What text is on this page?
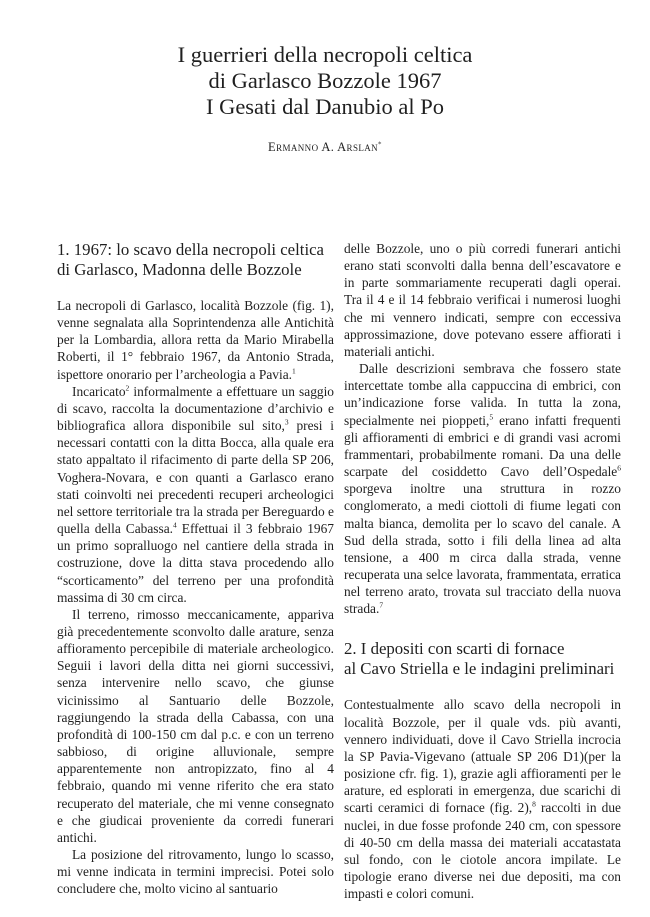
I guerrieri della necropoli celtica
di Garlasco Bozzole 1967
I Gesati dal Danubio al Po
Ermanno A. Arslan*
1. 1967: lo scavo della necropoli celtica
di Garlasco, Madonna delle Bozzole

La necropoli di Garlasco, località Bozzole (fig. 1), venne segnalata alla Soprintendenza alle Antichità per la Lombardia, allora retta da Mario Mirabella Roberti, il 1° febbraio 1967, da Antonio Strada, ispettore onorario per l’archeologia a Pavia.$^1$

Incaricato$^2$ informalmente a effettuare un saggio di scavo, raccolta la documentazione d’archivio e bibliografica allora disponibile sul sito,$^3$ presi i necessari contatti con la ditta Bocca, alla quale era stato appaltato il rifacimento di parte della SP 206, Voghera-Novara, e con quanti a Garlasco erano stati coinvolti nei precedenti recuperi archeologici nel settore territoriale tra la strada per Bereguardo e quella della Cabassa.$^4$ Effettuai il 3 febbraio 1967 un primo sopralluogo nel cantiere della strada in costruzione, dove la ditta stava procedendo allo “scorticamento” del terreno per una profondità massima di 30 cm circa.

Il terreno, rimosso meccanicamente, appariva già precedentemente sconvolto dalle arature, senza affioramento percepibile di materiale archeologico. Seguii i lavori della ditta nei giorni successivi, senza intervenire nello scavo, che giunse vicinissimo al Santuario delle Bozzole, raggiungendo la strada della Cabassa, con una profondità di 100-150 cm dal p.c. e con un terreno sabbioso, di origine alluvionale, sempre apparentemente non antropizzato, fino al 4 febbraio, quando mi venne riferito che era stato recuperato del materiale, che mi venne consegnato e che giudicai proveniente da corredi funerari antichi.

La posizione del ritrovamento, lungo lo scasso, mi venne indicata in termini imprecisi. Potei solo concludere che, molto vicino al santuario

delle Bozzole, uno o più corredi funerari antichi erano stati sconvolti dalla benna dell’escavatore e in parte sommariamente recuperati dagli operai. Tra il 4 e il 14 febbraio verificai i numerosi luoghi che mi vennero indicati, sempre con eccessiva approssimazione, dove potevano essere affiorati i materiali antichi.

Dalle descrizioni sembrava che fossero state intercettate tombe alla cappuccina di embrici, con un’indicazione forse valida. In tutta la zona, specialmente nei pioppeti,$^5$ erano infatti frequenti gli affioramenti di embrici e di grandi vasi acromi frammentari, probabilmente romani. Da una delle scarpate del cosiddetto Cavo dell’Ospedale$^6$ sporgeva inoltre una struttura in rozzo conglomerato, a medi ciottoli di fiume legati con malta bianca, demolita per lo scavo del canale. A Sud della strada, sotto i fili della linea ad alta tensione, a 400 m circa dalla strada, venne recuperata una selce lavorata, frammentata, erratica nel terreno arato, trovata sul tracciato della nuova strada.$^7$

2. I depositi con scarti di fornace
al Cavo Striella e le indagini preliminari

Contestualmente allo scavo della necropoli in località Bozzole, per il quale vds. più avanti, vennero individuati, dove il Cavo Striella incrocia la SP Pavia-Vigevano (attuale SP 206 D1)(per la posizione cfr. fig. 1), grazie agli affioramenti per le arature, ed esplorati in emergenza, due scarichi di scarti ceramici di fornace (fig. 2),$^8$ raccolti in due nuclei, in due fosse profonde 240 cm, con spessore di 40-50 cm della massa dei materiali accatastata sul fondo, con le ciotole ancora impilate. Le tipologie erano diverse nei due depositi, ma con impasti e colori comuni.
